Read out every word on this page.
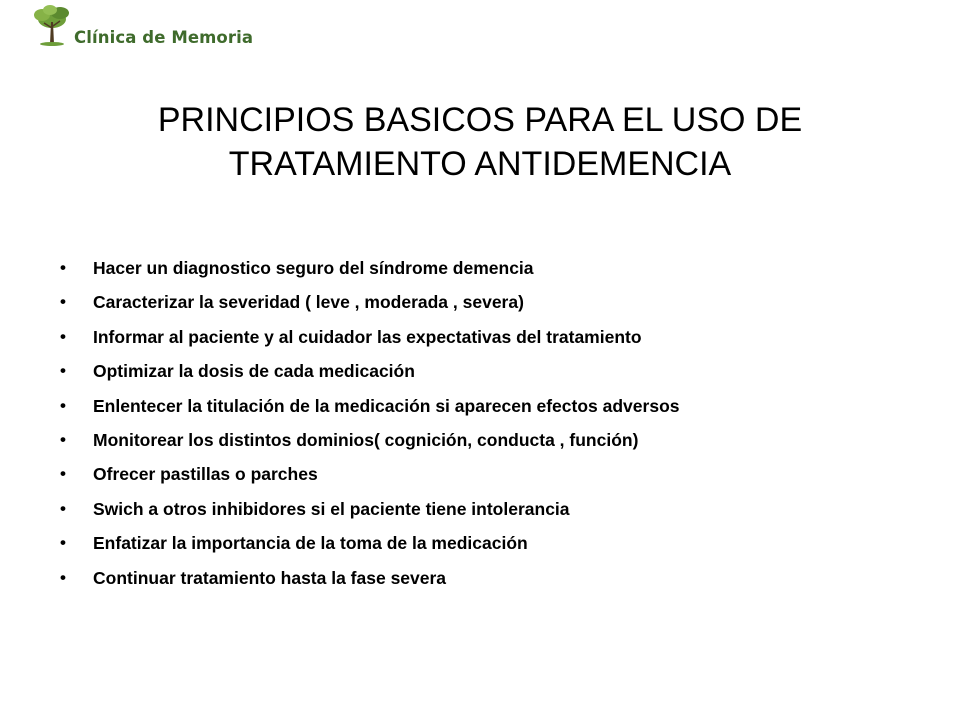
Clínica de Memoria
PRINCIPIOS BASICOS PARA EL USO DE TRATAMIENTO ANTIDEMENCIA
• Hacer un diagnostico seguro del síndrome demencia
• Caracterizar la severidad ( leve , moderada , severa)
• Informar al paciente y al cuidador las expectativas del tratamiento
• Optimizar la dosis de cada medicación
• Enlentecer la titulación de la medicación si aparecen efectos adversos
• Monitorear los distintos dominios( cognición, conducta , función)
• Ofrecer pastillas o parches
• Swich a otros inhibidores si el paciente tiene intolerancia
• Enfatizar la importancia de la toma de la medicación
• Continuar tratamiento hasta la fase severa
